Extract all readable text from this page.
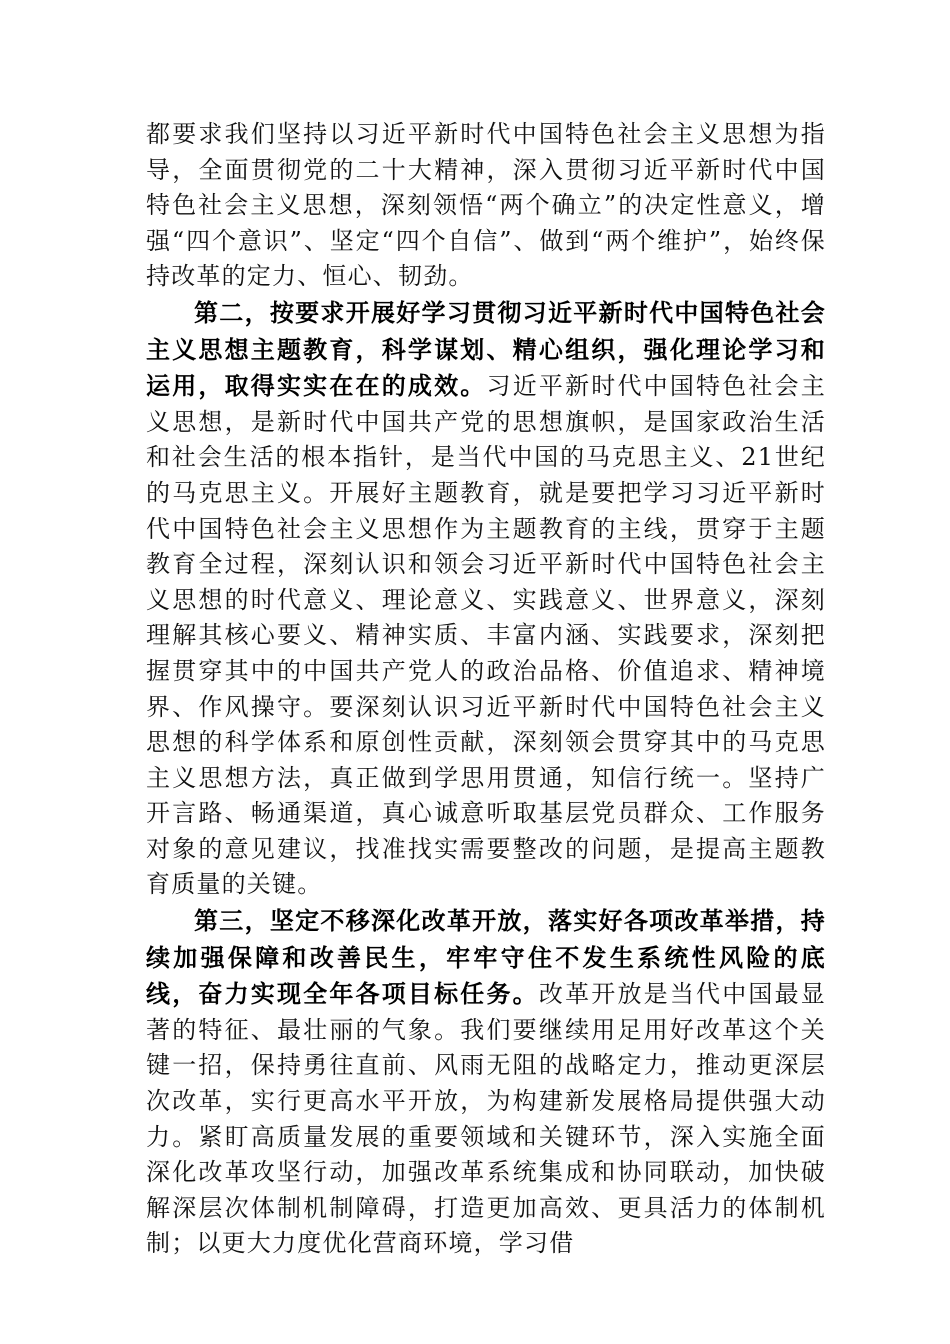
都要求我们坚持以习近平新时代中国特色社会主义思想为指导，全面贯彻党的二十大精神，深入贯彻习近平新时代中国特色社会主义思想，深刻领悟“两个确立”的决定性意义，增强“四个意识”、坚定“四个自信”、做到“两个维护”，始终保持改革的定力、恒心、韧劲。

第二，按要求开展好学习贯彻习近平新时代中国特色社会主义思想主题教育，科学谋划、精心组织，强化理论学习和运用，取得实实在在的成效。习近平新时代中国特色社会主义思想，是新时代中国共产党的思想旗帜，是国家政治生活和社会生活的根本指针，是当代中国的马克思主义、21世纪的马克思主义。开展好主题教育，就是要把学习习近平新时代中国特色社会主义思想作为主题教育的主线，贯穿于主题教育全过程，深刻认识和领会习近平新时代中国特色社会主义思想的时代意义、理论意义、实践意义、世界意义，深刻理解其核心要义、精神实质、丰富内涵、实践要求，深刻把握贯穿其中的中国共产党人的政治品格、价值追求、精神境界、作风操守。要深刻认识习近平新时代中国特色社会主义思想的科学体系和原创性贡献，深刻领会贯穿其中的马克思主义思想方法，真正做到学思用贯通，知信行统一。坚持广开言路、畅通渠道，真心诚意听取基层党员群众、工作服务对象的意见建议，找准找实需要整改的问题，是提高主题教育质量的关键。

第三，坚定不移深化改革开放，落实好各项改革举措，持续加强保障和改善民生，牢牢守住不发生系统性风险的底线，奋力实现全年各项目标任务。改革开放是当代中国最显著的特征、最壮丽的气象。我们要继续用足用好改革这个关键一招，保持勇往直前、风雨无阻的战略定力，推动更深层次改革，实行更高水平开放，为构建新发展格局提供强大动力。紧盯高质量发展的重要领域和关键环节，深入实施全面深化改革攻坚行动，加强改革系统集成和协同联动，加快破解深层次体制机制障碍，打造更加高效、更具活力的体制机制；以更大力度优化营商环境，学习借
